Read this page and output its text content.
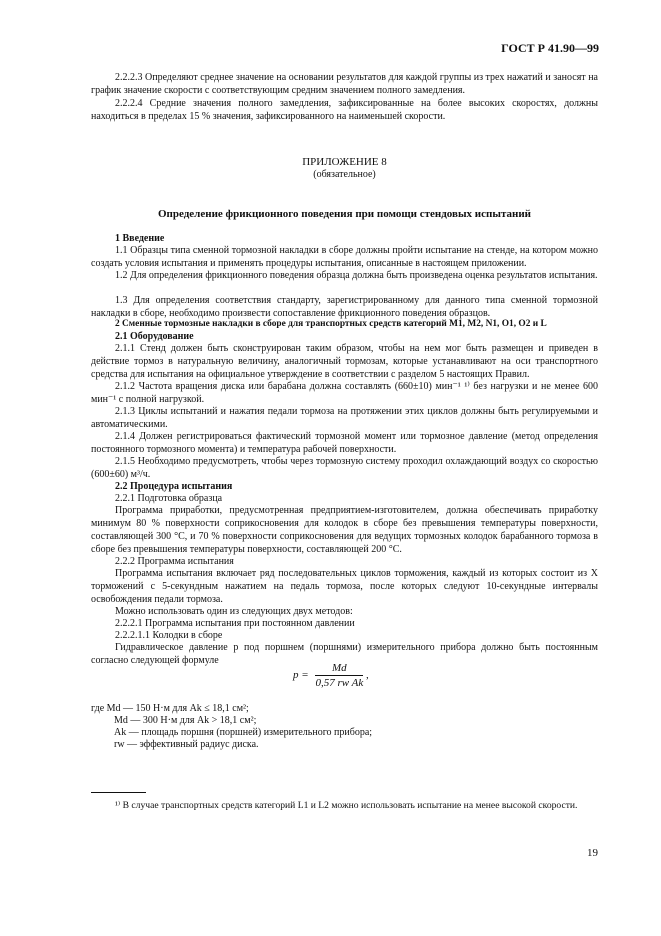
ГОСТ Р 41.90—99

2.2.2.3 Определяют среднее значение на основании результатов для каждой группы из трех нажатий и заносят на график значение скорости с соответствующим средним значением полного замедления.

2.2.2.4 Средние значения полного замедления, зафиксированные на более высоких скоростях, должны находиться в пределах 15 % значения, зафиксированного на наименьшей скорости.

ПРИЛОЖЕНИЕ 8
(обязательное)
Определение фрикционного поведения при помощи стендовых испытаний

1 Введение

1.1 Образцы типа сменной тормозной накладки в сборе должны пройти испытание на стенде, на котором можно создать условия испытания и применять процедуры испытания, описанные в настоящем приложении.

1.2 Для определения фрикционного поведения образца должна быть произведена оценка результатов испытания.

1.3 Для определения соответствия стандарту, зарегистрированному для данного типа сменной тормозной накладки в сборе, необходимо произвести сопоставление фрикционного поведения образцов.

2 Сменные тормозные накладки в сборе для транспортных средств категорий M1, M2, N1, O1, O2 и L

2.1 Оборудование

2.1.1 Стенд должен быть сконструирован таким образом, чтобы на нем мог быть размещен и приведен в действие тормоз в натуральную величину, аналогичный тормозам, которые устанавливают на оси транспортного средства для испытания на официальное утверждение в соответствии с разделом 5 настоящих Правил.

2.1.2 Частота вращения диска или барабана должна составлять (660±10) мин⁻¹ ¹⁾ без нагрузки и не менее 600 мин⁻¹ с полной нагрузкой.

2.1.3 Циклы испытаний и нажатия педали тормоза на протяжении этих циклов должны быть регулируемыми и автоматическими.

2.1.4 Должен регистрироваться фактический тормозной момент или тормозное давление (метод определения постоянного тормозного момента) и температура рабочей поверхности.

2.1.5 Необходимо предусмотреть, чтобы через тормозную систему проходил охлаждающий воздух со скоростью (600±60) м³/ч.

2.2 Процедура испытания

2.2.1 Подготовка образца

Программа приработки, предусмотренная предприятием-изготовителем, должна обеспечивать приработку минимум 80 % поверхности соприкосновения для колодок в сборе без превышения температуры поверхности, составляющей 300 °C, и 70 % поверхности соприкосновения для ведущих тормозных колодок барабанного тормоза в сборе без превышения температуры поверхности, составляющей 200 °C.

2.2.2 Программа испытания

Программа испытания включает ряд последовательных циклов торможения, каждый из которых состоит из X торможений с 5-секундным нажатием на педаль тормоза, после которых следуют 10-секундные интервалы освобождения педали тормоза.

Можно использовать один из следующих двух методов:

2.2.2.1 Программа испытания при постоянном давлении

2.2.2.1.1 Колодки в сборе

Гидравлическое давление p под поршнем (поршнями) измерительного прибора должно быть постоянным согласно следующей формуле

$p = \frac{Md}{\text{0,57 rw Ak}}$ ,

где Md — 150 Н·м для Ak ≤ 18,1 см²;

Md — 300 Н·м для Ak > 18,1 см²;

Ak — площадь поршня (поршней) измерительного прибора;

rw — эффективный радиус диска.

¹⁾ В случае транспортных средств категорий L1 и L2 можно использовать испытание на менее высокой скорости.

19
